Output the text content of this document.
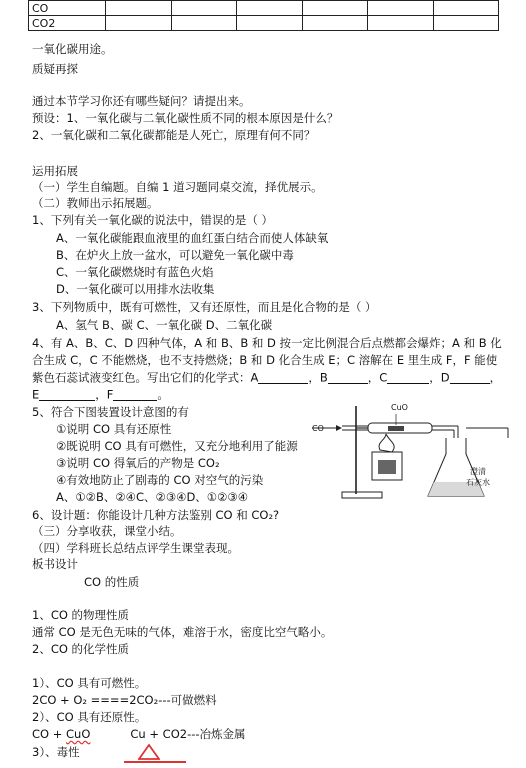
CO						
CO2						
一氧化碳用途。
质疑再探
通过本节学习你还有哪些疑问？请提出来。
预设：1、一氧化碳与二氧化碳性质不同的根本原因是什么？
2、一氧化碳和二氧化碳都能是人死亡，原理有何不同？
运用拓展
（一）学生自编题。自编 1 道习题同桌交流，择优展示。
（二）教师出示拓展题。
1、下列有关一氧化碳的说法中，错误的是（ ）
A、一氧化碳能跟血液里的血红蛋白结合而使人体缺氧
B、在炉火上放一盆水，可以避免一氧化碳中毒
C、一氧化碳燃烧时有蓝色火焰
D、一氧化碳可以用排水法收集
3、下列物质中，既有可燃性，又有还原性，而且是化合物的是（ ）
A、氢气 B、碳 C、一氧化碳 D、二氧化碳
4、有 A、B、C、D 四种气体，A 和 B、B 和 D 按一定比例混合后点燃都会爆炸；A 和 B 化
合生成 C，C 不能燃烧，也不支持燃烧；B 和 D 化合生成 E；C 溶解在 E 里生成 F，F 能使
紫色石蕊试液变红色。写出它们的化学式：A	，B	，C	，D	，
E	，F	。
5、符合下图装置设计意图的有
①说明 CO 具有还原性
②既说明 CO 具有可燃性，又充分地利用了能源
③说明 CO 得氧后的产物是 CO₂
④有效地防止了剧毒的 CO 对空气的污染
A、①②B、②④C、②③④D、①②③④
6、设计题：你能设计几种方法鉴别 CO 和 CO₂?
（三）分享收获，课堂小结。
（四）学科班长总结点评学生课堂表现。
板书设计
CO 的性质
1、CO 的物理性质
通常 CO 是无色无味的气体，难溶于水，密度比空气略小。
2、CO 的化学性质
1）、CO 具有可燃性。
2CO + O₂ ====2CO₂---可做燃料
2）、CO 具有还原性。
CO + CuO	Cu + CO2---冶炼金属
3）、毒性
CO
CuO
澄清
石灰水
